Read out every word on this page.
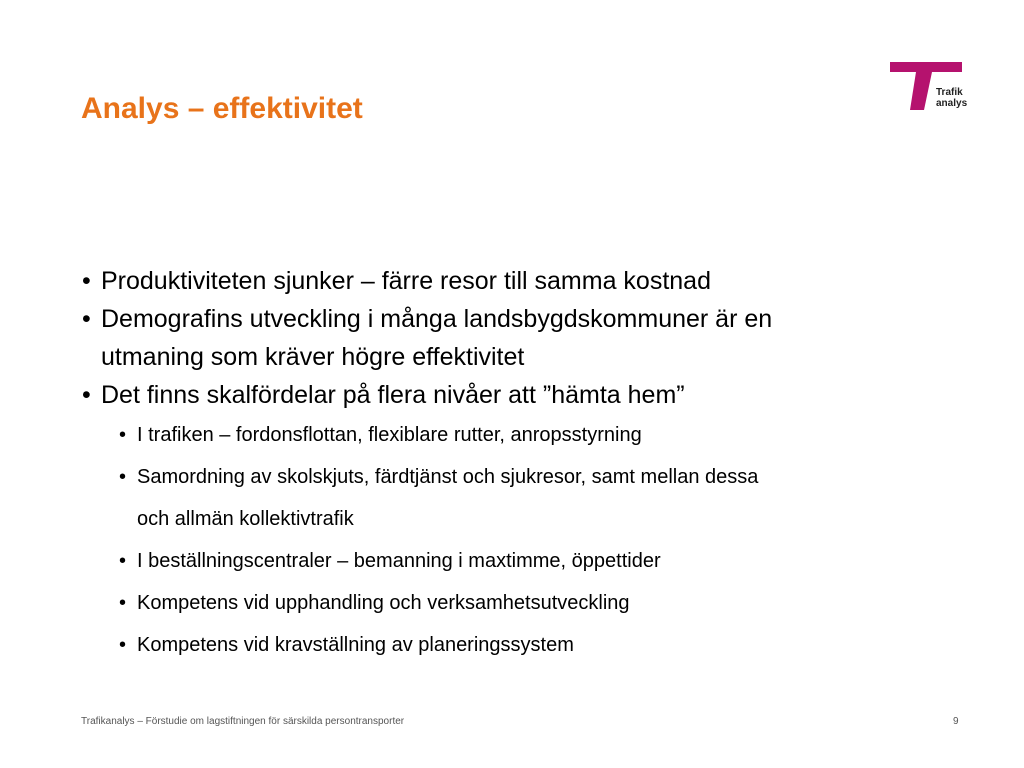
Analys – effektivitet	Trafik
analys
• Produktiviteten sjunker – färre resor till samma kostnad
• Demografins utveckling i många landsbygdskommuner är en
utmaning som kräver högre effektivitet
• Det finns skalfördelar på flera nivåer att ”hämta hem”
• I trafiken – fordonsflottan, flexiblare rutter, anropsstyrning
• Samordning av skolskjuts, färdtjänst och sjukresor, samt mellan dessa
och allmän kollektivtrafik
• I beställningscentraler – bemanning i maxtimme, öppettider
• Kompetens vid upphandling och verksamhetsutveckling
• Kompetens vid kravställning av planeringssystem
Trafikanalys – Förstudie om lagstiftningen för särskilda persontransporter	9
